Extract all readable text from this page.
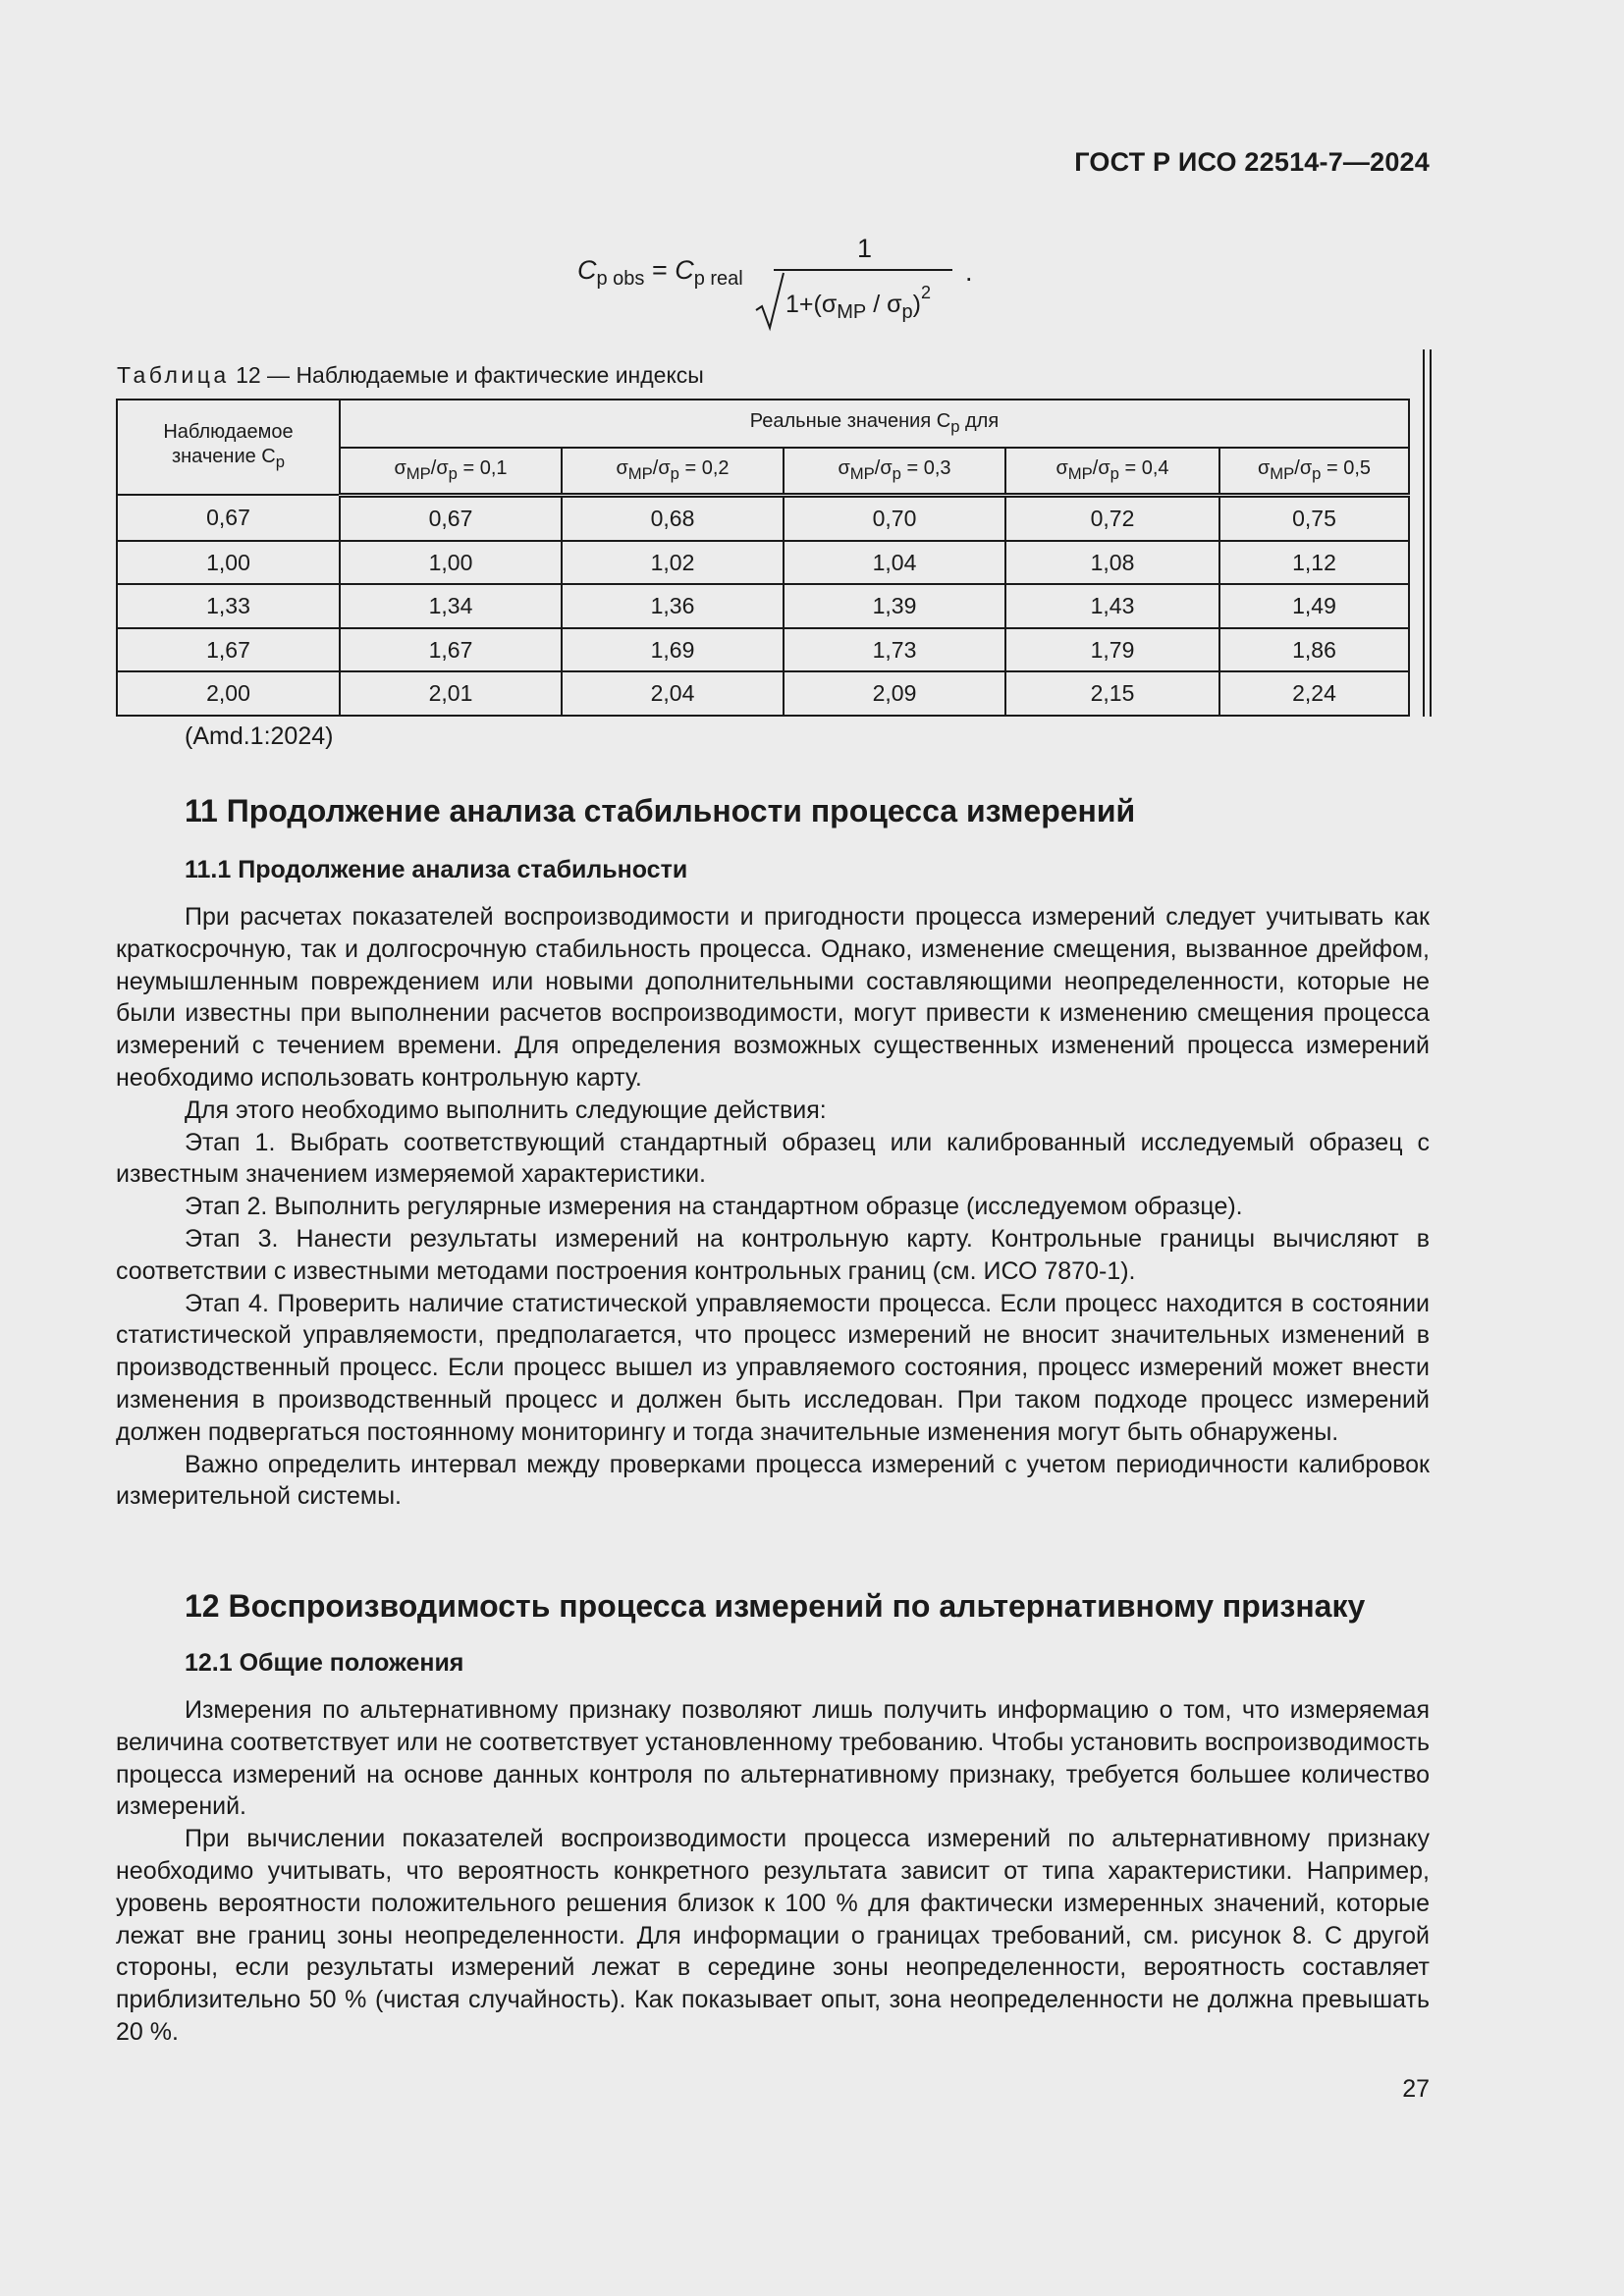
ГОСТ Р ИСО 22514-7—2024
$C_{p obs} = C_{p real}$
1
.
$1+(\sigma_{MP} / \sigma_p)^2$
Таблица 12 — Наблюдаемые и фактические индексы
Наблюдаемое
значение $C_p$	Реальные значения $C_p$ для				
	$\sigma_{MP}/\sigma_p = 0,1$	$\sigma_{MP}/\sigma_p = 0,2$	$\sigma_{MP}/\sigma_p = 0,3$	$\sigma_{MP}/\sigma_p = 0,4$	$\sigma_{MP}/\sigma_p = 0,5$
0,67	0,67	0,68	0,70	0,72	0,75
1,00	1,00	1,02	1,04	1,08	1,12
1,33	1,34	1,36	1,39	1,43	1,49
1,67	1,67	1,69	1,73	1,79	1,86
2,00	2,01	2,04	2,09	2,15	2,24
(Amd.1:2024)
11 Продолжение анализа стабильности процесса измерений
11.1 Продолжение анализа стабильности

При расчетах показателей воспроизводимости и пригодности процесса измерений следует учитывать как краткосрочную, так и долгосрочную стабильность процесса. Однако, изменение смещения, вызванное дрейфом, неумышленным повреждением или новыми дополнительными составляющими неопределенности, которые не были известны при выполнении расчетов воспроизводимости, могут привести к изменению смещения процесса измерений с течением времени. Для определения возможных существенных изменений процесса измерений необходимо использовать контрольную карту.

Для этого необходимо выполнить следующие действия:

Этап 1. Выбрать соответствующий стандартный образец или калиброванный исследуемый образец с известным значением измеряемой характеристики.

Этап 2. Выполнить регулярные измерения на стандартном образце (исследуемом образце).

Этап 3. Нанести результаты измерений на контрольную карту. Контрольные границы вычисляют в соответствии с известными методами построения контрольных границ (см. ИСО 7870-1).

Этап 4. Проверить наличие статистической управляемости процесса. Если процесс находится в состоянии статистической управляемости, предполагается, что процесс измерений не вносит значительных изменений в производственный процесс. Если процесс вышел из управляемого состояния, процесс измерений может внести изменения в производственный процесс и должен быть исследован. При таком подходе процесс измерений должен подвергаться постоянному мониторингу и тогда значительные изменения могут быть обнаружены.

Важно определить интервал между проверками процесса измерений с учетом периодичности калибровок измерительной системы.

12 Воспроизводимость процесса измерений по альтернативному признаку
12.1 Общие положения

Измерения по альтернативному признаку позволяют лишь получить информацию о том, что измеряемая величина соответствует или не соответствует установленному требованию. Чтобы установить воспроизводимость процесса измерений на основе данных контроля по альтернативному признаку, требуется большее количество измерений.

При вычислении показателей воспроизводимости процесса измерений по альтернативному признаку необходимо учитывать, что вероятность конкретного результата зависит от типа характеристики. Например, уровень вероятности положительного решения близок к 100 % для фактически измеренных значений, которые лежат вне границ зоны неопределенности. Для информации о границах требований, см. рисунок 8. С другой стороны, если результаты измерений лежат в середине зоны неопределенности, вероятность составляет приблизительно 50 % (чистая случайность). Как показывает опыт, зона неопределенности не должна превышать 20 %.

27
